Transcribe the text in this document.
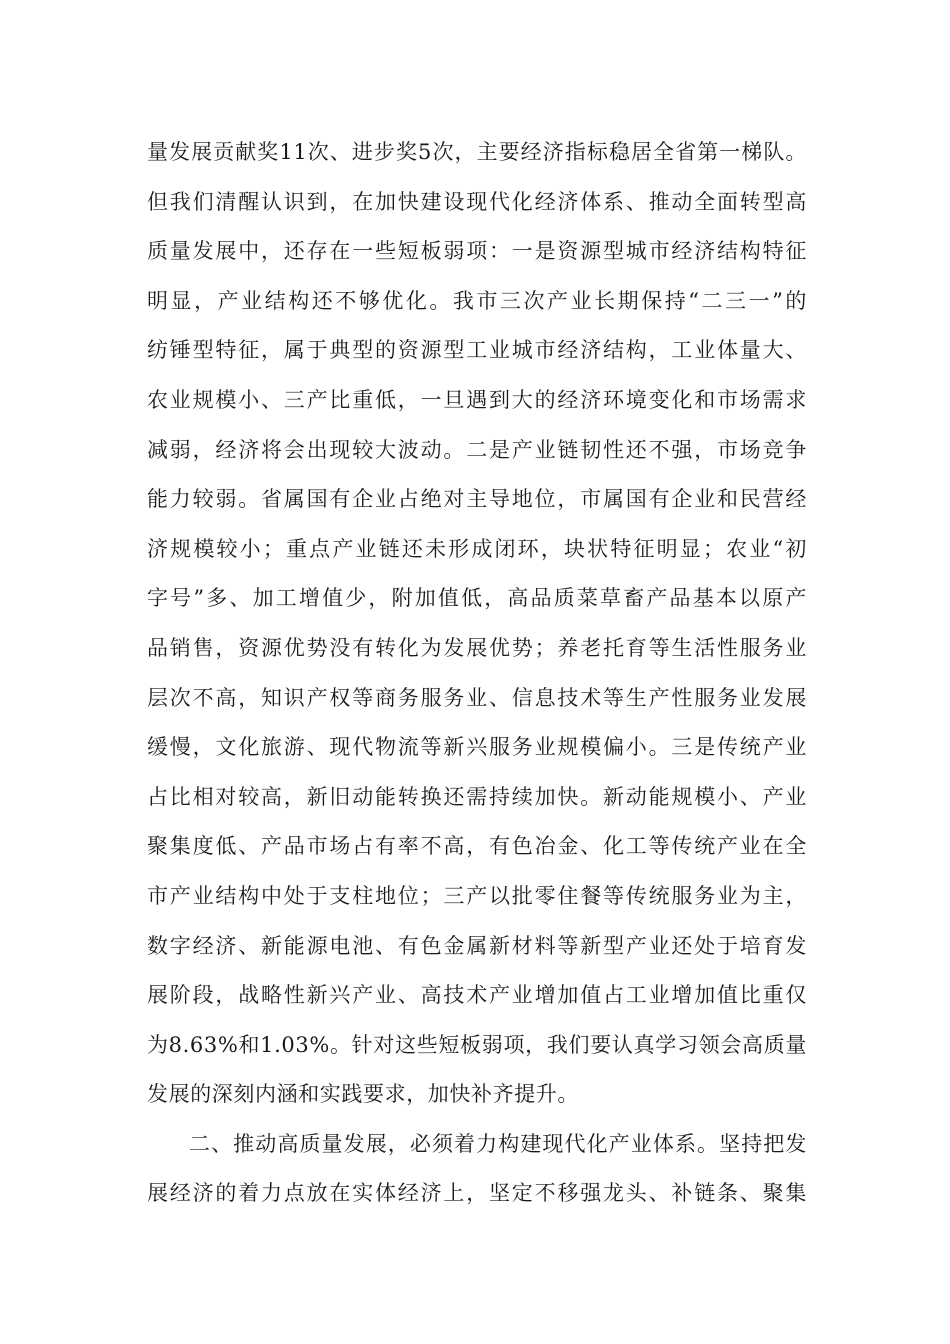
量发展贡献奖11次、进步奖5次，主要经济指标稳居全省第一梯队。
但我们清醒认识到，在加快建设现代化经济体系、推动全面转型高
质量发展中，还存在一些短板弱项：一是资源型城市经济结构特征
明显，产业结构还不够优化。我市三次产业长期保持“二三一”的
纺锤型特征，属于典型的资源型工业城市经济结构，工业体量大、
农业规模小、三产比重低，一旦遇到大的经济环境变化和市场需求
减弱，经济将会出现较大波动。二是产业链韧性还不强，市场竞争
能力较弱。省属国有企业占绝对主导地位，市属国有企业和民营经
济规模较小；重点产业链还未形成闭环，块状特征明显；农业“初
字号”多、加工增值少，附加值低，高品质菜草畜产品基本以原产
品销售，资源优势没有转化为发展优势；养老托育等生活性服务业
层次不高，知识产权等商务服务业、信息技术等生产性服务业发展
缓慢，文化旅游、现代物流等新兴服务业规模偏小。三是传统产业
占比相对较高，新旧动能转换还需持续加快。新动能规模小、产业
聚集度低、产品市场占有率不高，有色冶金、化工等传统产业在全
市产业结构中处于支柱地位；三产以批零住餐等传统服务业为主，
数字经济、新能源电池、有色金属新材料等新型产业还处于培育发
展阶段，战略性新兴产业、高技术产业增加值占工业增加值比重仅
为8.63%和1.03%。针对这些短板弱项，我们要认真学习领会高质量
发展的深刻内涵和实践要求，加快补齐提升。
二、推动高质量发展，必须着力构建现代化产业体系。坚持把发
展经济的着力点放在实体经济上，坚定不移强龙头、补链条、聚集
